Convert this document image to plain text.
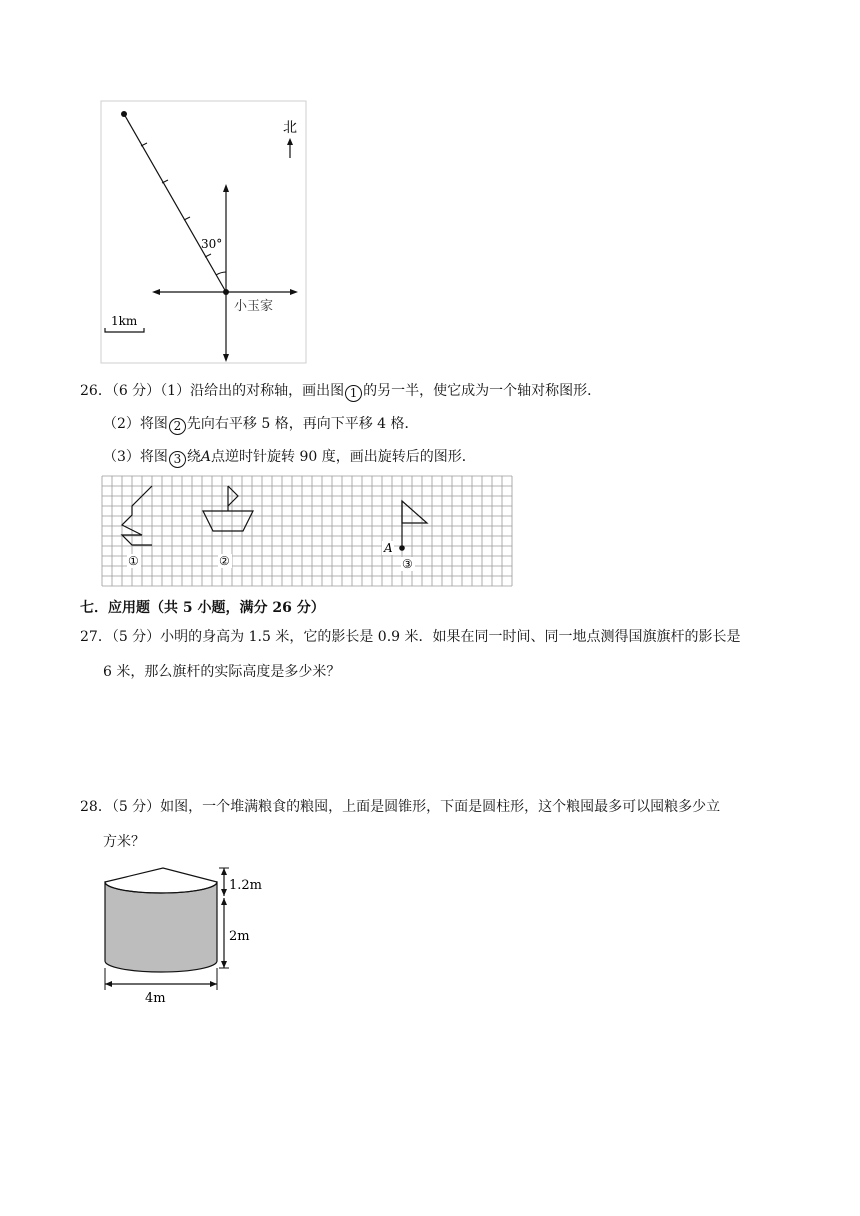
30°
小玉家
北
1km
26．（6 分）（1）沿给出的对称轴，画出图 1 的另一半，使它成为一个轴对称图形．
（2）将图 2 先向右平移 5 格，再向下平移 4 格．
（3）将图 3 绕A点逆时针旋转 90 度，画出旋转后的图形．
A
①	②	③
七．应用题（共 5 小题，满分 26 分）
27．（5 分）小明的身高为 1.5 米，它的影长是 0.9 米．如果在同一时间、同一地点测得国旗旗杆的影长是
6 米，那么旗杆的实际高度是多少米？
28．（5 分）如图，一个堆满粮食的粮囤，上面是圆锥形，下面是圆柱形，这个粮囤最多可以囤粮多少立
方米？
1.2m
2m
4m
